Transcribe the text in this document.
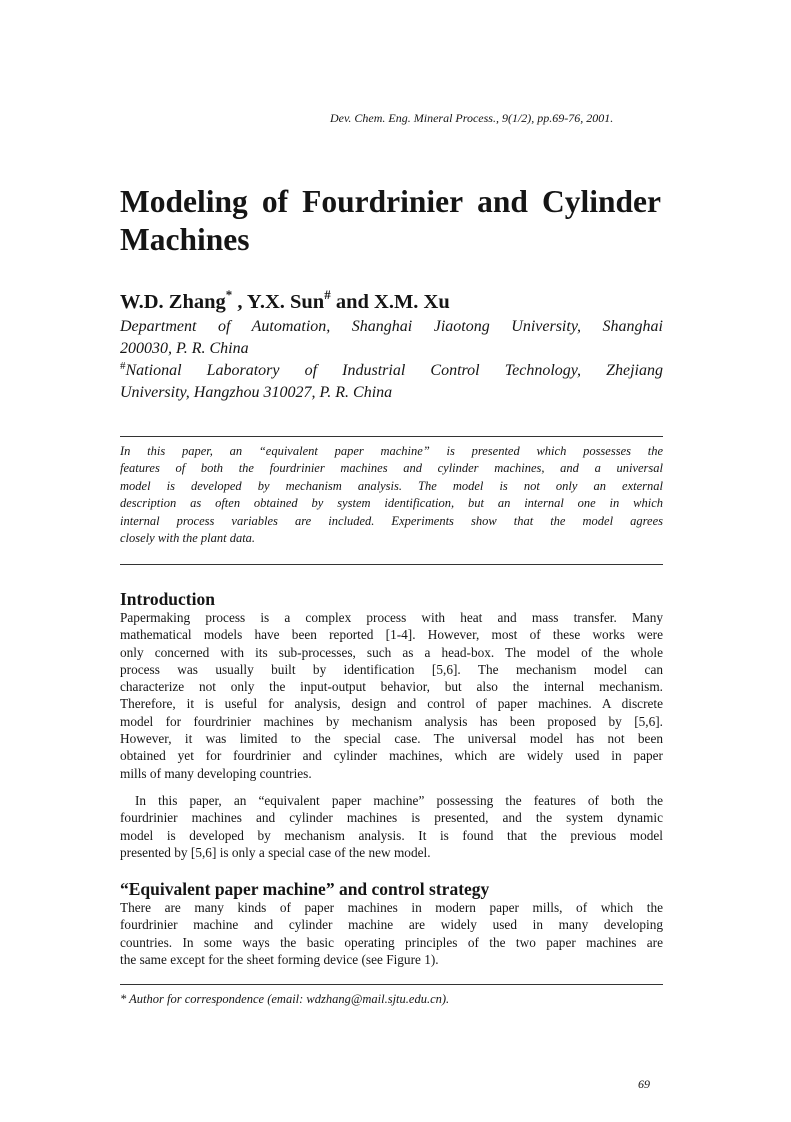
Dev. Chem. Eng. Mineral Process., 9(1/2), pp.69-76, 2001.
Modeling of Fourdrinier and Cylinder
Machines
W.D. Zhang* , Y.X. Sun# and X.M. Xu
Department of Automation, Shanghai Jiaotong University, Shanghai
200030, P. R. China
#National Laboratory of Industrial Control Technology, Zhejiang
University, Hangzhou 310027, P. R. China
In this paper, an “equivalent paper machine” is presented which possesses the
features of both the fourdrinier machines and cylinder machines, and a universal
model is developed by mechanism analysis. The model is not only an external
description as often obtained by system identification, but an internal one in which
internal process variables are included. Experiments show that the model agrees
closely with the plant data.
Introduction
Papermaking process is a complex process with heat and mass transfer. Many
mathematical models have been reported [1-4]. However, most of these works were
only concerned with its sub-processes, such as a head-box. The model of the whole
process was usually built by identification [5,6]. The mechanism model can
characterize not only the input-output behavior, but also the internal mechanism.
Therefore, it is useful for analysis, design and control of paper machines. A discrete
model for fourdrinier machines by mechanism analysis has been proposed by [5,6].
However, it was limited to the special case. The universal model has not been
obtained yet for fourdrinier and cylinder machines, which are widely used in paper
mills of many developing countries.
In this paper, an “equivalent paper machine” possessing the features of both the
fourdrinier machines and cylinder machines is presented, and the system dynamic
model is developed by mechanism analysis. It is found that the previous model
presented by [5,6] is only a special case of the new model.
“Equivalent paper machine” and control strategy
There are many kinds of paper machines in modern paper mills, of which the
fourdrinier machine and cylinder machine are widely used in many developing
countries. In some ways the basic operating principles of the two paper machines are
the same except for the sheet forming device (see Figure 1).
* Author for correspondence (email: wdzhang@mail.sjtu.edu.cn).
69
